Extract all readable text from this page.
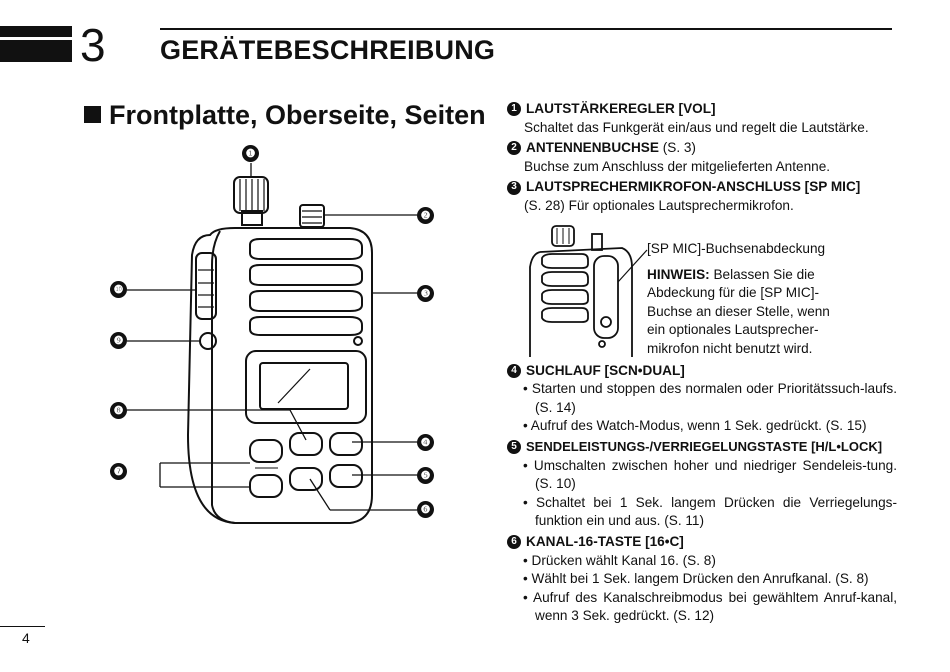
3 GERÄTEBESCHREIBUNG
Frontplatte, Oberseite, Seiten
❶
❷
❸
❹
❺
❻
❼
❽
❾
❿
1 LAUTSTÄRKEREGLER [VOL]
Schaltet das Funkgerät ein/aus und regelt die Lautstärke.
2 ANTENNENBUCHSE
(S. 3)
Buchse zum Anschluss der mitgelieferten Antenne.
3 LAUTSPRECHERMIKROFON-ANSCHLUSS [SP MIC]
(S. 28) Für optionales Lautsprechermikrofon.
[SP MIC]-Buchsenabdeckung
HINWEIS: Belassen Sie die Abdeckung für die [SP MIC]-Buchse an dieser Stelle, wenn ein optionales Lautsprecher-mikrofon nicht benutzt wird.
4 SUCHLAUF [SCN•DUAL]
• Starten und stoppen des normalen oder Prioritätssuch-laufs. (S. 14)
• Aufruf des Watch-Modus, wenn 1 Sek. gedrückt. (S. 15)
5 SENDELEISTUNGS-/VERRIEGELUNGSTASTE [H/L•LOCK]
• Umschalten zwischen hoher und niedriger Sendeleis-tung. (S. 10)
• Schaltet bei 1 Sek. langem Drücken die Verriegelungs-funktion ein und aus. (S. 11)
6 KANAL-16-TASTE [16•C]
• Drücken wählt Kanal 16. (S. 8)
• Wählt bei 1 Sek. langem Drücken den Anrufkanal. (S. 8)
• Aufruf des Kanalschreibmodus bei gewähltem Anruf-kanal, wenn 3 Sek. gedrückt. (S. 12)
4
